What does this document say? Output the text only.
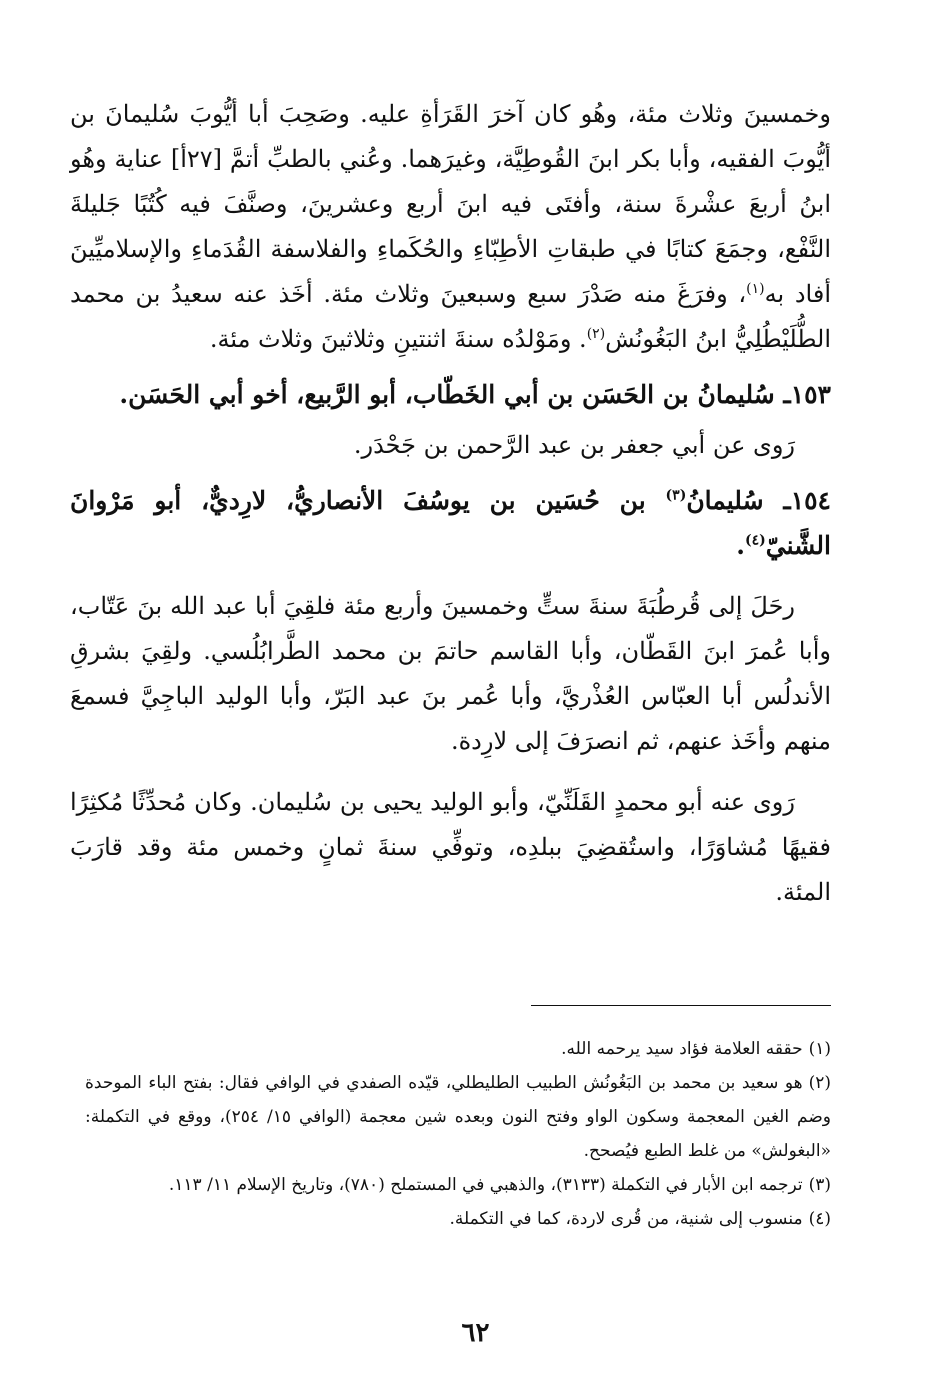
وخمسينَ وثلاث مئة، وهُو كان آخرَ القَرَأةِ عليه. وصَحِبَ أبا أيُّوبَ سُليمانَ بن أيُّوبَ الفقيه، وأبا بكر ابنَ القُوطِيَّة، وغيرَهما. وعُني بالطبِّ أتمَّ [٢٧أ] عناية وهُو ابنُ أربعَ عشْرةَ سنة، وأفتَى فيه ابنَ أربع وعشرينَ، وصنَّفَ فيه كُتُبًا جَليلةَ النَّفْع، وجمَعَ كتابًا في طبقاتِ الأطِبّاءِ والحُكَماءِ والفلاسفة القُدَماءِ والإسلاميِّينَ أفاد به$^{(١)}$، وفرَغَ منه صَدْرَ سبع وسبعينَ وثلاث مئة. أخَذ عنه سعيدُ بن محمد الطُّلَيْطُلِيُّ ابنُ البَغُونُش$^{(٢)}$. ومَوْلدُه سنةَ اثنتينِ وثلاثينَ وثلاث مئة.

١٥٣ـ سُليمانُ بن الحَسَن بن أبي الخَطّاب، أبو الرَّبيع، أخو أبي الحَسَن.

رَوى عن أبي جعفر بن عبد الرَّحمن بن جَحْدَر.

١٥٤ـ سُليمانُ$^{(٣)}$ بن حُسَين بن يوسُفَ الأنصاريُّ، لارِديٌّ، أبو مَرْوانَ الشَّنيّ$^{(٤)}$.

رحَلَ إلى قُرطُبَةَ سنةَ ستٍّ وخمسينَ وأربع مئة فلقِيَ أبا عبد الله بنَ عَتّاب، وأبا عُمرَ ابنَ القَطّان، وأبا القاسم حاتمَ بن محمد الطَّرابُلُسي. ولقِيَ بشرقِ الأندلُس أبا العبّاس العُذْريَّ، وأبا عُمر بنَ عبد البَرّ، وأبا الوليد الباجِيَّ فسمعَ منهم وأخَذ عنهم، ثم انصرَفَ إلى لارِدة.

رَوى عنه أبو محمدٍ القَلَنِّيّ، وأبو الوليد يحيى بن سُليمان. وكان مُحدِّثًا مُكثِرًا فقيهًا مُشاوَرًا، واستُقضِيَ ببلدِه، وتوفِّي سنةَ ثمانٍ وخمس مئة وقد قارَبَ المئة.

(١)حققه العلامة فؤاد سيد يرحمه الله.

(٢)هو سعيد بن محمد بن البَغُونُش الطبيب الطليطلي، قيّده الصفدي في الوافي فقال: بفتح الباء الموحدة وضم الغين المعجمة وسكون الواو وفتح النون وبعده شين معجمة (الوافي ١٥/ ٢٥٤)، ووقع في التكملة: «البغولش» من غلط الطبع فيُصحح.

(٣)ترجمه ابن الأبار في التكملة (٣١٣٣)، والذهبي في المستملح (٧٨٠)، وتاريخ الإسلام ١١/ ١١٣.

(٤)منسوب إلى شنية، من قُرى لاردة، كما في التكملة.

٦٢
